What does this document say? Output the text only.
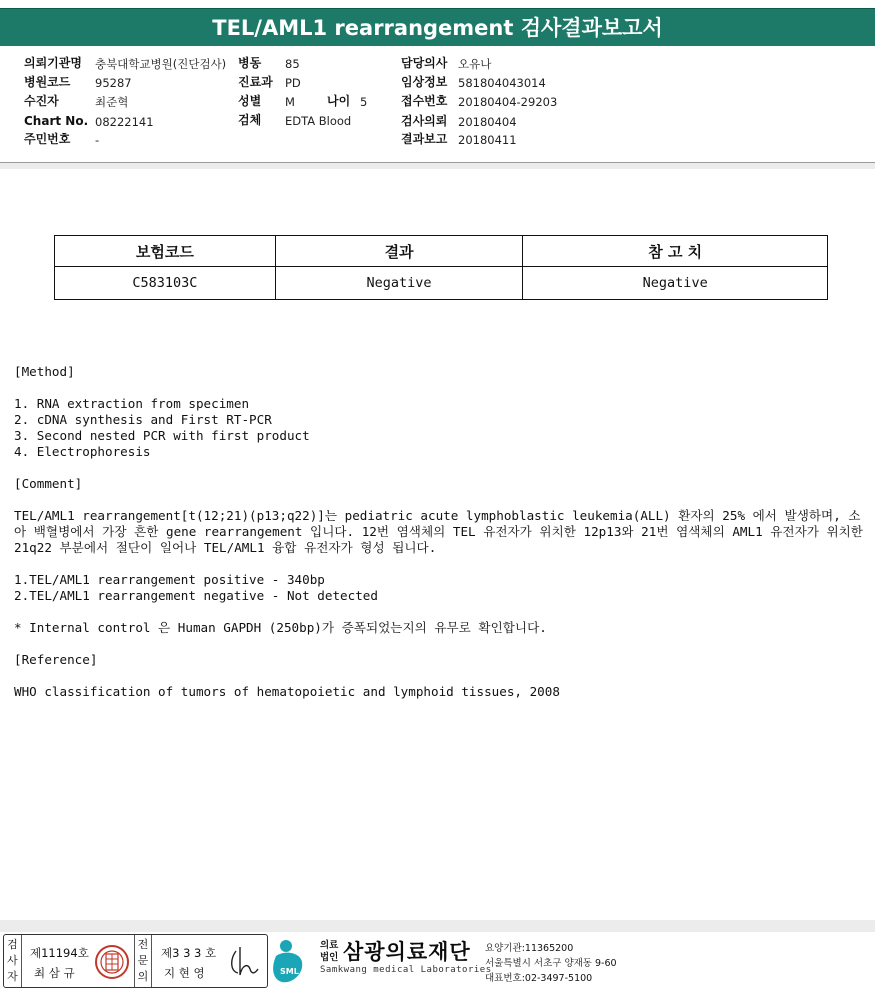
TEL/AML1 rearrangement 검사결과보고서
의뢰기관명 충북대학교병원(진단검사) 병동 85	담당의사 오유나
병원코드 95287	진료과 PD	임상정보 581804043014
수진자	최준혁	성별 M	나이 5	접수번호 20180404-29203
Chart No. 08222141	검체 EDTA Blood	검사의뢰 20180404
주민번호 -	결과보고 20180411
보험코드	결과	참 고 치
C583103C	Negative	Negative

[Method]

1. RNA extraction from specimen

2. cDNA synthesis and First RT-PCR

3. Second nested PCR with first product

4. Electrophoresis

[Comment]

TEL/AML1 rearrangement[t(12;21)(p13;q22)]는 pediatric acute lymphoblastic leukemia(ALL) 환자의 25% 에서 발생하며, 소아 백혈병에서 가장 흔한 gene rearrangement 입니다. 12번 염색체의 TEL 유전자가 위치한 12p13와 21번 염색체의 AML1 유전자가 위치한 21q22 부분에서 절단이 일어나 TEL/AML1 융합 유전자가 형성 됩니다.

1.TEL/AML1 rearrangement positive - 340bp

2.TEL/AML1 rearrangement negative - Not detected

* Internal control 은 Human GAPDH (250bp)가 증폭되었는지의 유무로 확인합니다.

[Reference]

WHO classification of tumors of hematopoietic and lymphoid tissues, 2008

검사자
제11194호
최 삼 규
전문의
제3 3 3 호
지 현 영	SML
의료
법인 삼광의료재단
Samkwang medical Laboratories
요양기관:11365200
서울특별시 서초구 양재동 9-60
대표번호:02-3497-5100
